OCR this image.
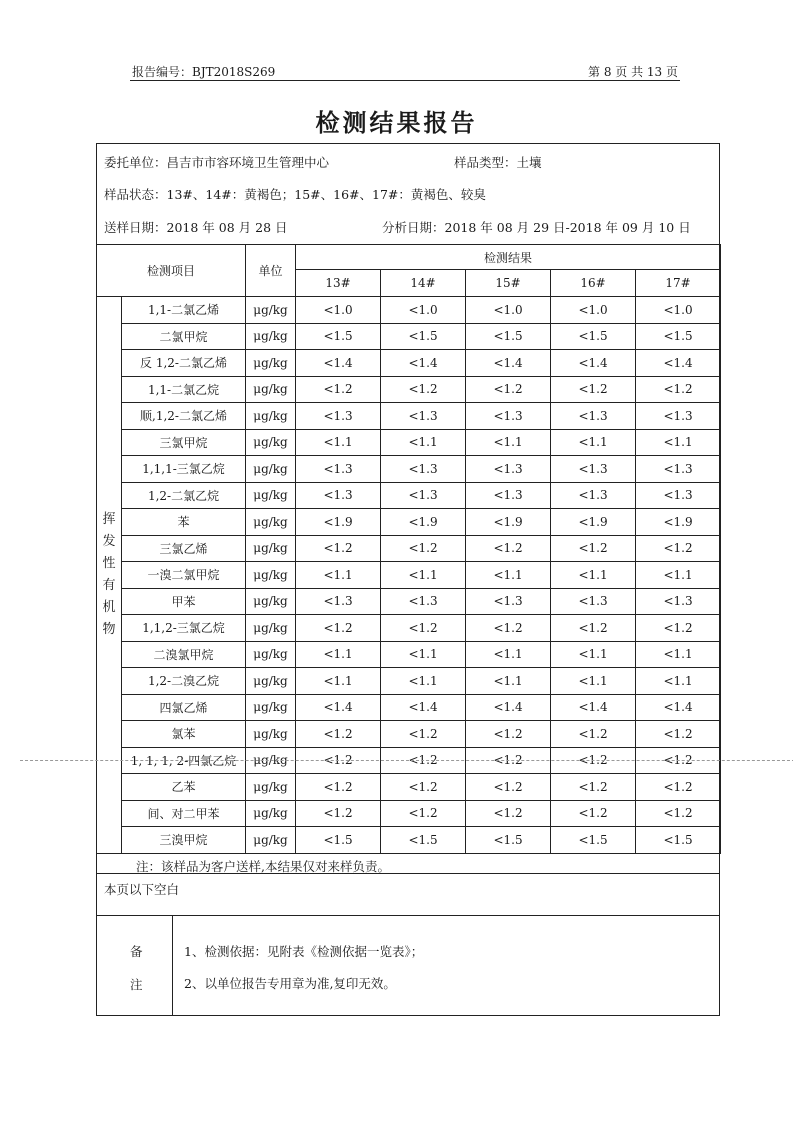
报告编号：BJT2018S269	第 8 页 共 13 页
检测结果报告
委托单位：昌吉市市容环境卫生管理中心	样品类型：土壤
样品状态：13#、14#：黄褐色；15#、16#、17#：黄褐色、较臭
送样日期：2018 年 08 月 28 日	分析日期：2018 年 08 月 29 日-2018 年 09 月 10 日
检测项目		单位	检测结果				
			13#	14#	15#	16#	17#

挥发性有机物	1,1-二氯乙烯	μg/kg	<1.0	<1.0	<1.0	<1.0	<1.0
	二氯甲烷	μg/kg	<1.5	<1.5	<1.5	<1.5	<1.5
	反 1,2-二氯乙烯	μg/kg	<1.4	<1.4	<1.4	<1.4	<1.4
	1,1-二氯乙烷	μg/kg	<1.2	<1.2	<1.2	<1.2	<1.2
	顺,1,2-二氯乙烯	μg/kg	<1.3	<1.3	<1.3	<1.3	<1.3
	三氯甲烷	μg/kg	<1.1	<1.1	<1.1	<1.1	<1.1
	1,1,1-三氯乙烷	μg/kg	<1.3	<1.3	<1.3	<1.3	<1.3
	1,2-二氯乙烷	μg/kg	<1.3	<1.3	<1.3	<1.3	<1.3
	苯	μg/kg	<1.9	<1.9	<1.9	<1.9	<1.9
	三氯乙烯	μg/kg	<1.2	<1.2	<1.2	<1.2	<1.2
	一溴二氯甲烷	μg/kg	<1.1	<1.1	<1.1	<1.1	<1.1
	甲苯	μg/kg	<1.3	<1.3	<1.3	<1.3	<1.3
	1,1,2-三氯乙烷	μg/kg	<1.2	<1.2	<1.2	<1.2	<1.2
	二溴氯甲烷	μg/kg	<1.1	<1.1	<1.1	<1.1	<1.1
	1,2-二溴乙烷	μg/kg	<1.1	<1.1	<1.1	<1.1	<1.1
	四氯乙烯	μg/kg	<1.4	<1.4	<1.4	<1.4	<1.4
	氯苯	μg/kg	<1.2	<1.2	<1.2	<1.2	<1.2
	1, 1, 1, 2-四氯乙烷	μg/kg	<1.2	<1.2	<1.2	<1.2	<1.2
	乙苯	μg/kg	<1.2	<1.2	<1.2	<1.2	<1.2
	间、对二甲苯	μg/kg	<1.2	<1.2	<1.2	<1.2	<1.2
	三溴甲烷	μg/kg	<1.5	<1.5	<1.5	<1.5	<1.5
注：该样品为客户送样,本结果仅对来样负责。
本页以下空白
备
注
1、检测依据：见附表《检测依据一览表》；
2、以单位报告专用章为准,复印无效。
